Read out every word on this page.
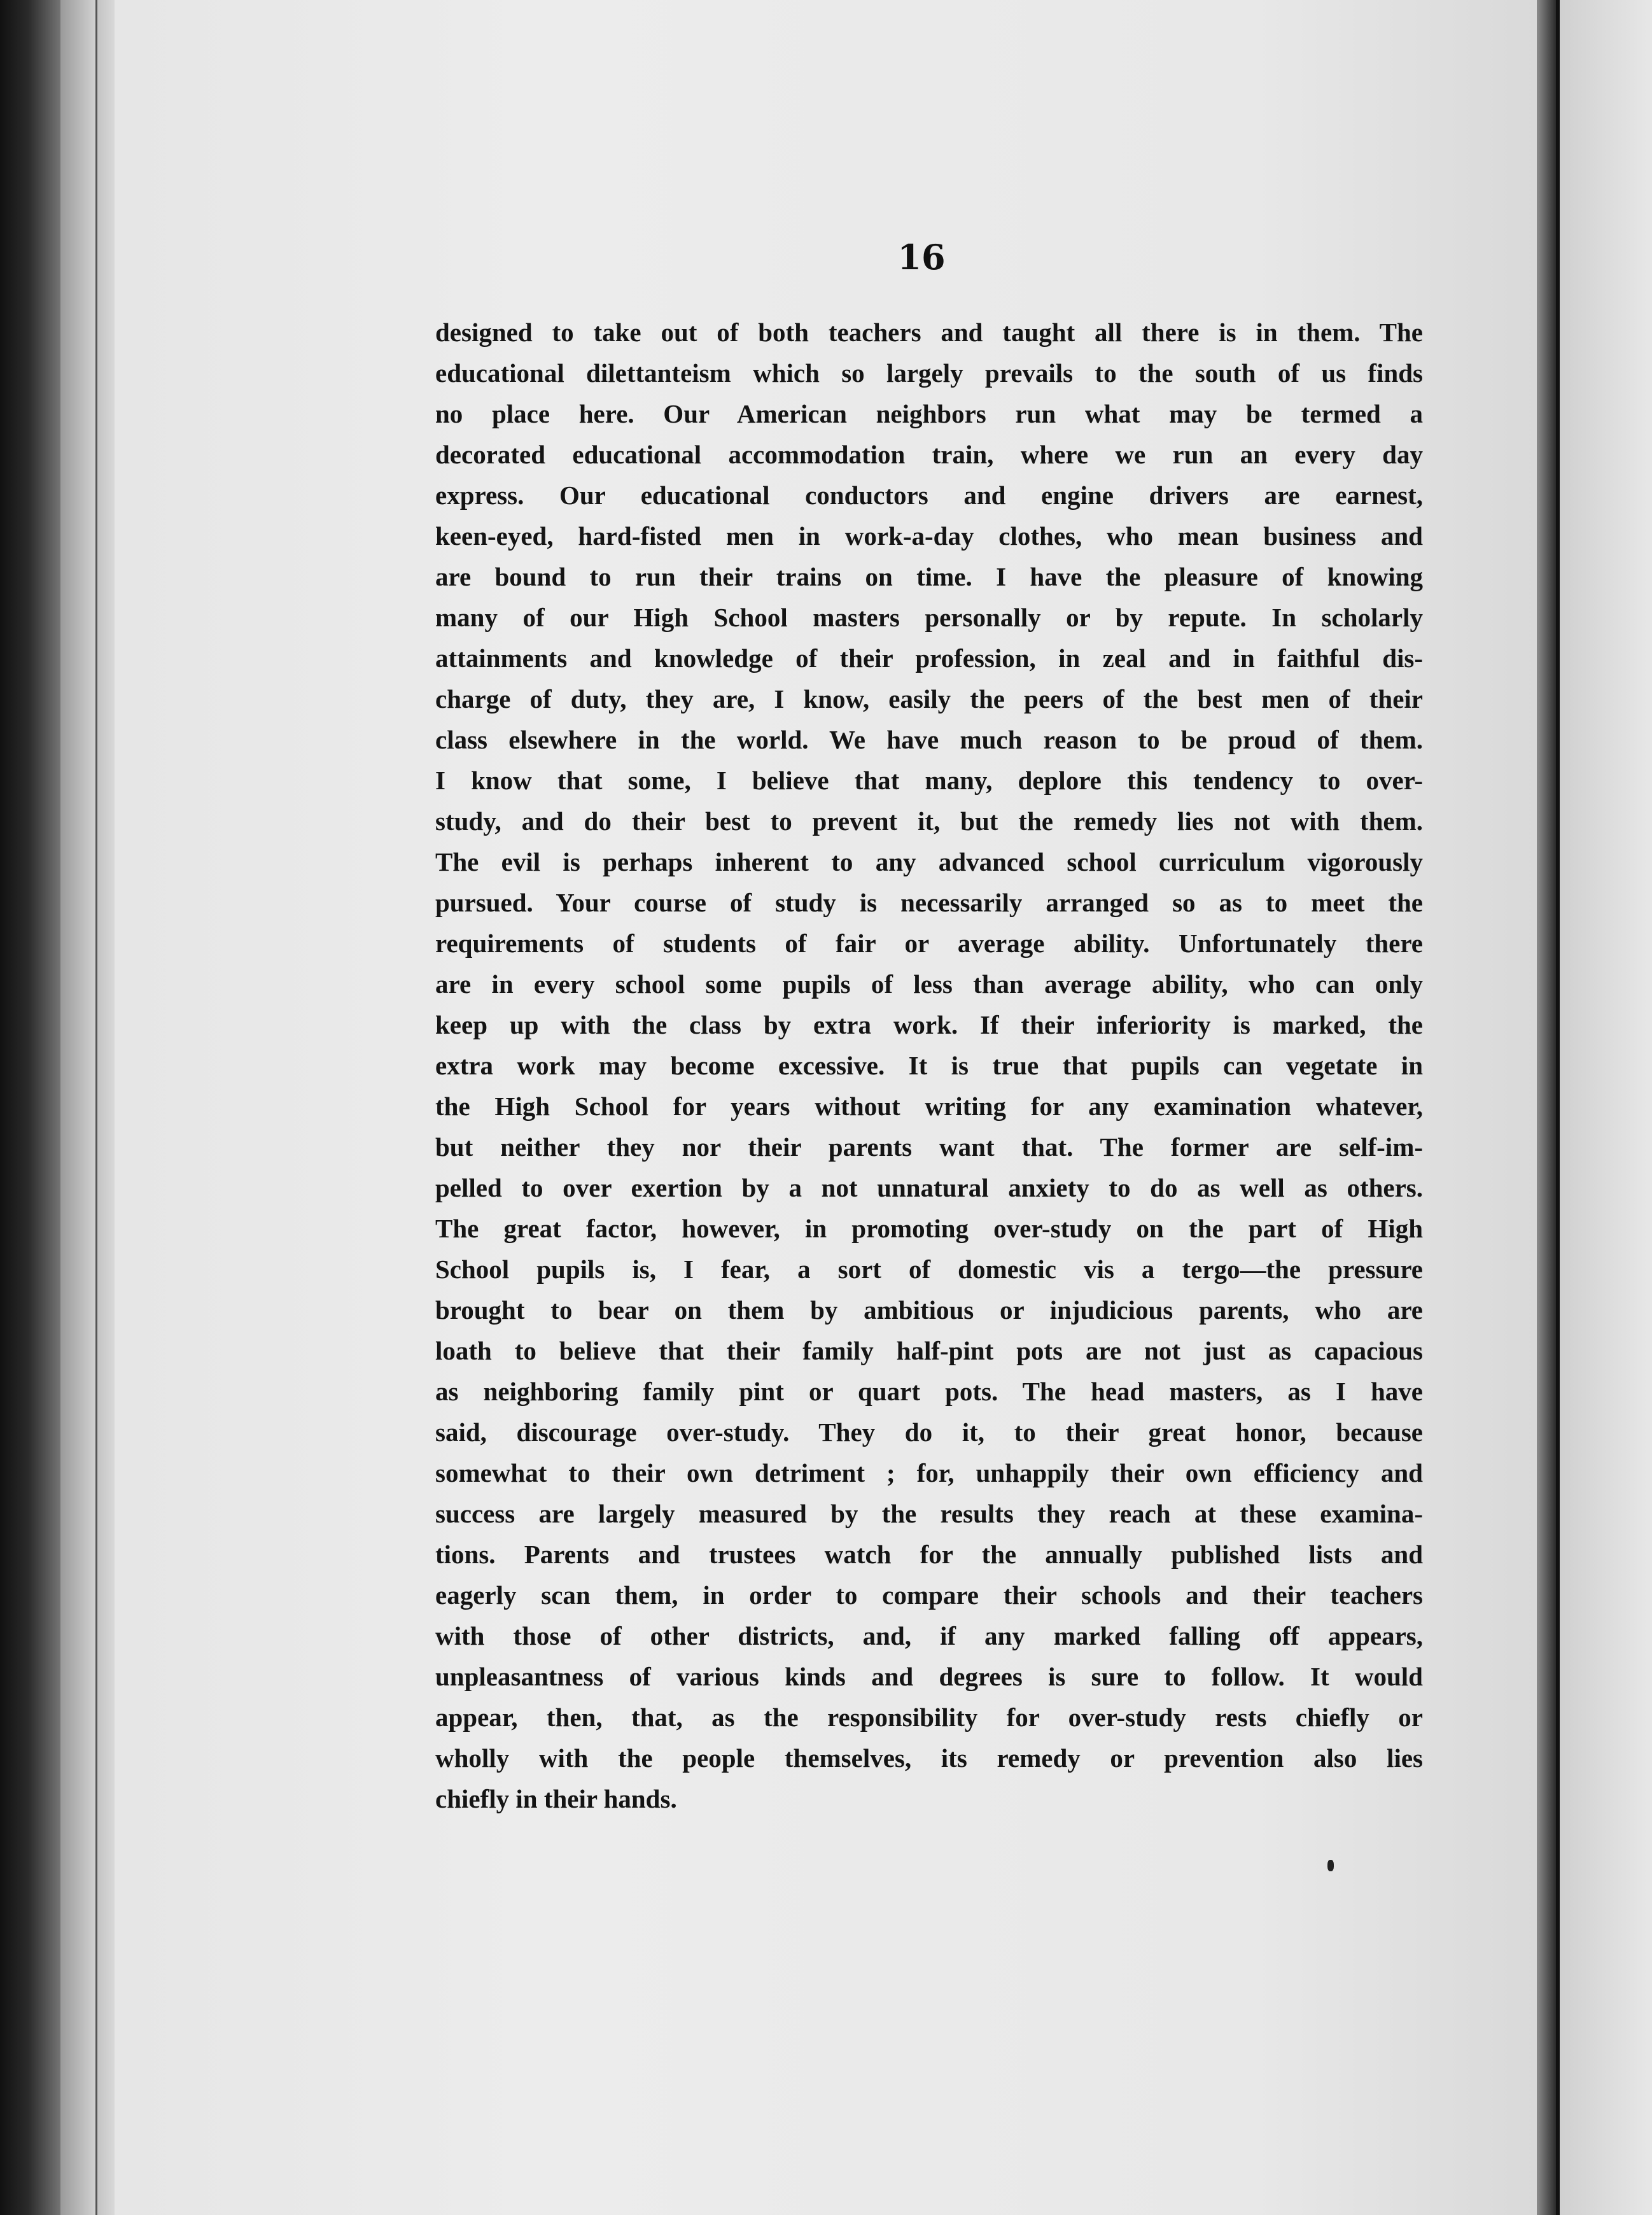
16
designed to take out of both teachers and taught all there is in them. The
educational dilettanteism which so largely prevails to the south of us finds
no place here. Our American neighbors run what may be termed a
decorated educational accommodation train, where we run an every day
express. Our educational conductors and engine drivers are earnest,
keen-eyed, hard-fisted men in work-a-day clothes, who mean business and
are bound to run their trains on time. I have the pleasure of knowing
many of our High School masters personally or by repute. In scholarly
attainments and knowledge of their profession, in zeal and in faithful dis-
charge of duty, they are, I know, easily the peers of the best men of their
class elsewhere in the world. We have much reason to be proud of them.
I know that some, I believe that many, deplore this tendency to over-
study, and do their best to prevent it, but the remedy lies not with them.
The evil is perhaps inherent to any advanced school curriculum vigorously
pursued. Your course of study is necessarily arranged so as to meet the
requirements of students of fair or average ability. Unfortunately there
are in every school some pupils of less than average ability, who can only
keep up with the class by extra work. If their inferiority is marked, the
extra work may become excessive. It is true that pupils can vegetate in
the High School for years without writing for any examination whatever,
but neither they nor their parents want that. The former are self-im-
pelled to over exertion by a not unnatural anxiety to do as well as others.
The great factor, however, in promoting over-study on the part of High
School pupils is, I fear, a sort of domestic vis a tergo—the pressure
brought to bear on them by ambitious or injudicious parents, who are
loath to believe that their family half-pint pots are not just as capacious
as neighboring family pint or quart pots. The head masters, as I have
said, discourage over-study. They do it, to their great honor, because
somewhat to their own detriment ; for, unhappily their own efficiency and
success are largely measured by the results they reach at these examina-
tions. Parents and trustees watch for the annually published lists and
eagerly scan them, in order to compare their schools and their teachers
with those of other districts, and, if any marked falling off appears,
unpleasantness of various kinds and degrees is sure to follow. It would
appear, then, that, as the responsibility for over-study rests chiefly or
wholly with the people themselves, its remedy or prevention also lies
chiefly in their hands.
